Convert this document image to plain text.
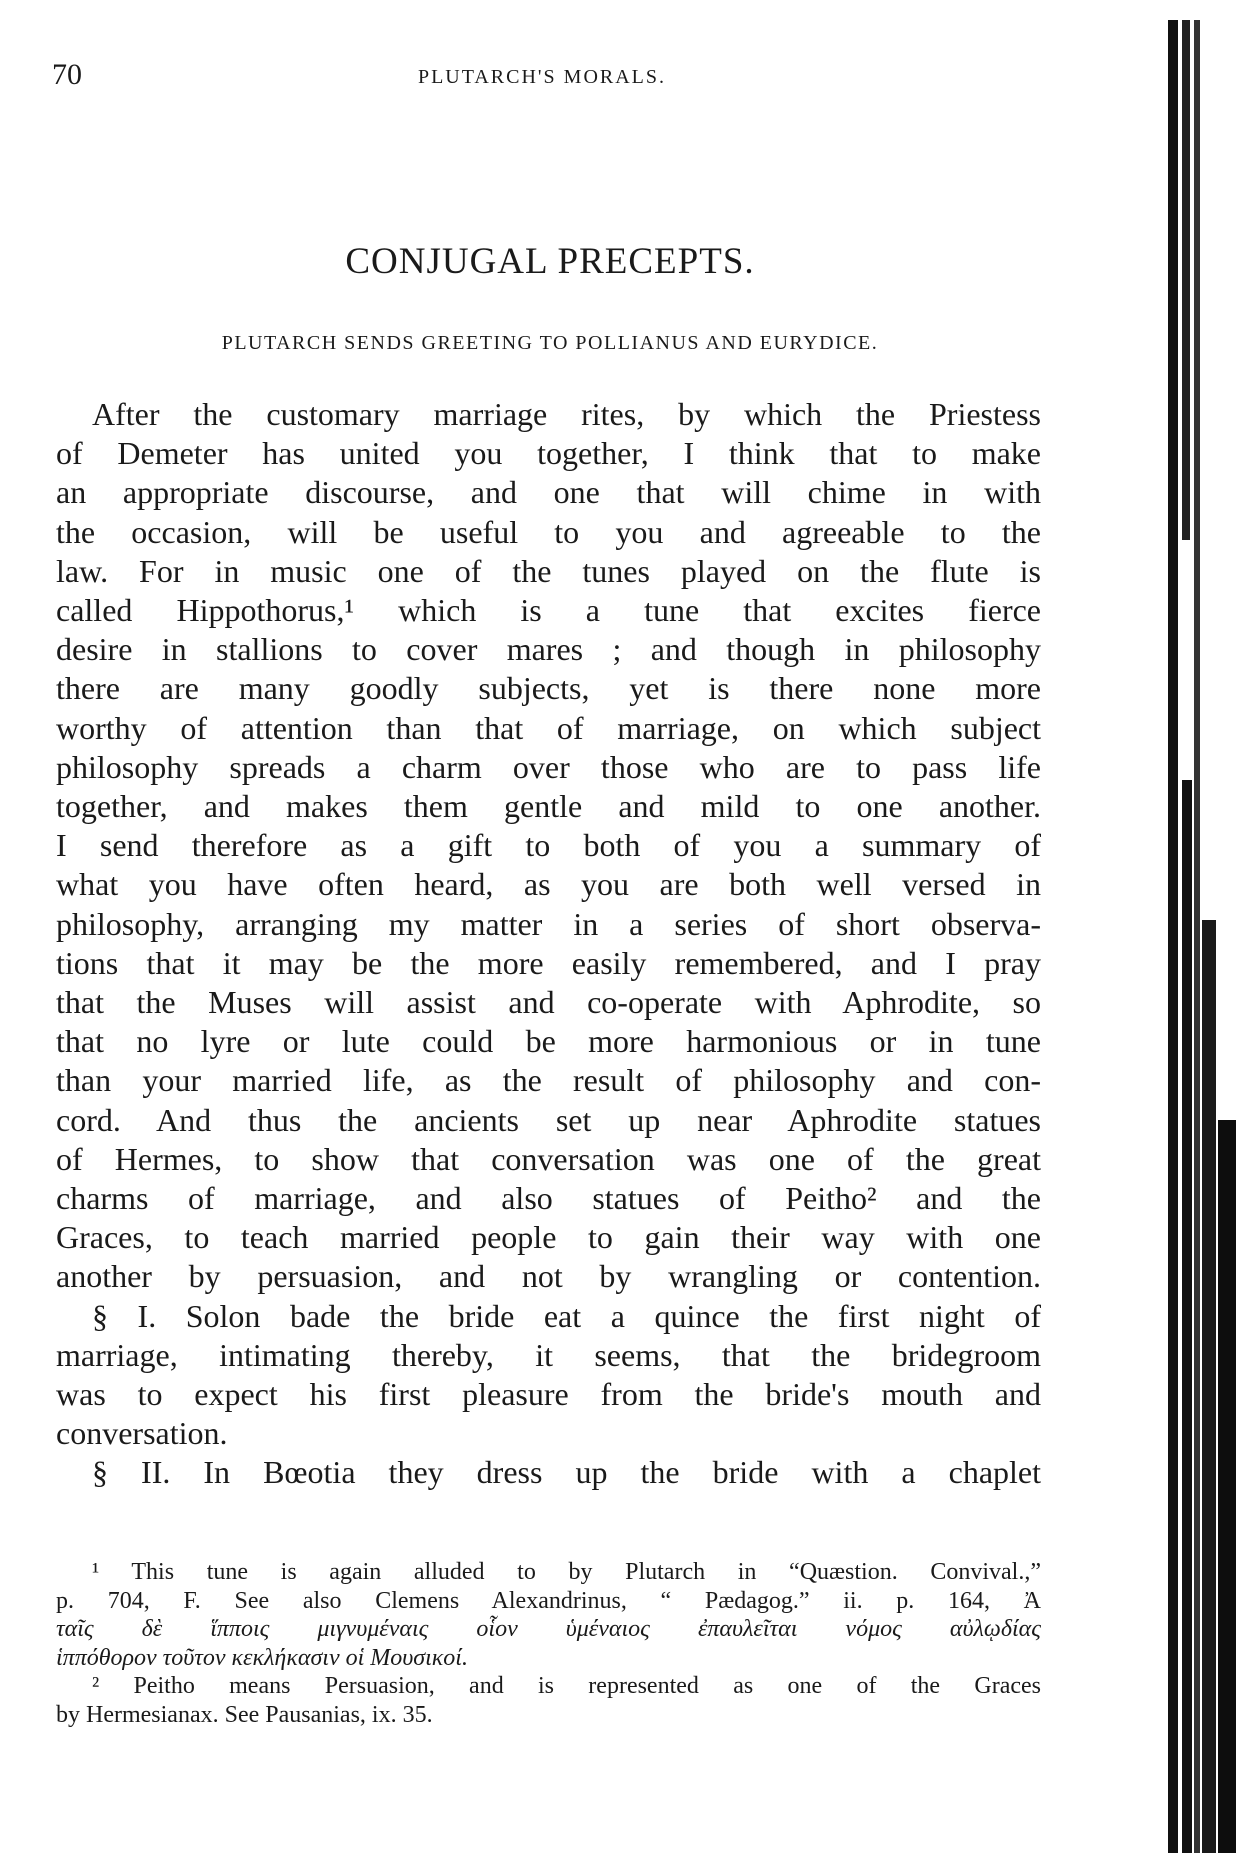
70	PLUTARCH'S MORALS.
CONJUGAL PRECEPTS.
PLUTARCH SENDS GREETING TO POLLIANUS AND EURYDICE.
After the customary marriage rites, by which the Priestess
of Demeter has united you together, I think that to make
an appropriate discourse, and one that will chime in with
the occasion, will be useful to you and agreeable to the
law. For in music one of the tunes played on the flute is
called Hippothorus,¹ which is a tune that excites fierce
desire in stallions to cover mares ; and though in philosophy
there are many goodly subjects, yet is there none more
worthy of attention than that of marriage, on which subject
philosophy spreads a charm over those who are to pass life
together, and makes them gentle and mild to one another.
I send therefore as a gift to both of you a summary of
what you have often heard, as you are both well versed in
philosophy, arranging my matter in a series of short observa-
tions that it may be the more easily remembered, and I pray
that the Muses will assist and co-operate with Aphrodite, so
that no lyre or lute could be more harmonious or in tune
than your married life, as the result of philosophy and con-
cord. And thus the ancients set up near Aphrodite statues
of Hermes, to show that conversation was one of the great
charms of marriage, and also statues of Peitho² and the
Graces, to teach married people to gain their way with one
another by persuasion, and not by wrangling or contention.
§ I. Solon bade the bride eat a quince the first night of
marriage, intimating thereby, it seems, that the bridegroom
was to expect his first pleasure from the bride's mouth and
conversation.
§ II. In Bœotia they dress up the bride with a chaplet
¹ This tune is again alluded to by Plutarch in “Quæstion. Convival.,”
p. 704, F. See also Clemens Alexandrinus, “ Pædagog.” ii. p. 164, Ἀ
ταῖς δὲ ἵπποις μιγνυμέναις οἷον ὑμέναιος ἐπαυλεῖται νόμος αὐλῳδίας
ἱππόθορον τοῦτον κεκλήκασιν οἱ Μουσικοί.
² Peitho means Persuasion, and is represented as one of the Graces
by Hermesianax. See Pausanias, ix. 35.
